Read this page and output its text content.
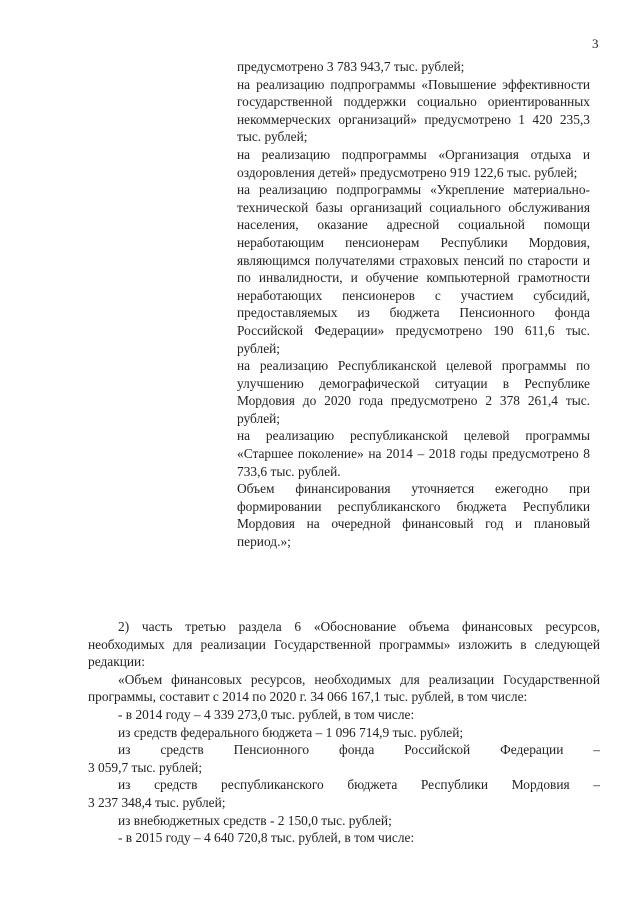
3

предусмотрено 3 783 943,7 тыс. рублей;

на реализацию подпрограммы «Повышение эффективности государственной поддержки социально ориентированных некоммерческих организаций» предусмотрено 1 420 235,3 тыс. рублей;

на реализацию подпрограммы «Организация отдыха и оздоровления детей» предусмотрено 919 122,6 тыс. рублей;

на реализацию подпрограммы «Укрепление материально-технической базы организаций социального обслуживания населения, оказание адресной социальной помощи неработающим пенсионерам Республики Мордовия, являющимся получателями страховых пенсий по старости и по инвалидности, и обучение компьютерной грамотности неработающих пенсионеров с участием субсидий, предоставляемых из бюджета Пенсионного фонда Российской Федерации» предусмотрено 190 611,6 тыс. рублей;

на реализацию Республиканской целевой программы по улучшению демографической ситуации в Республике Мордовия до 2020 года предусмотрено 2 378 261,4 тыс. рублей;

на реализацию республиканской целевой программы «Старшее поколение» на 2014 – 2018 годы предусмотрено 8 733,6 тыс. рублей.

Объем финансирования уточняется ежегодно при формировании республиканского бюджета Республики Мордовия на очередной финансовый год и плановый период.»;

2) часть третью раздела 6 «Обоснование объема финансовых ресурсов, необходимых для реализации Государственной программы» изложить в следующей редакции:

«Объем финансовых ресурсов, необходимых для реализации Государственной программы, составит с 2014 по 2020 г. 34 066 167,1 тыс. рублей, в том числе:

- в 2014 году – 4 339 273,0 тыс. рублей, в том числе:

из средств федерального бюджета – 1 096 714,9 тыс. рублей;

из средств Пенсионного фонда Российской Федерации –

3 059,7 тыс. рублей;

из средств республиканского бюджета Республики Мордовия –

3 237 348,4 тыс. рублей;

из внебюджетных средств - 2 150,0 тыс. рублей;

- в 2015 году – 4 640 720,8 тыс. рублей, в том числе:
